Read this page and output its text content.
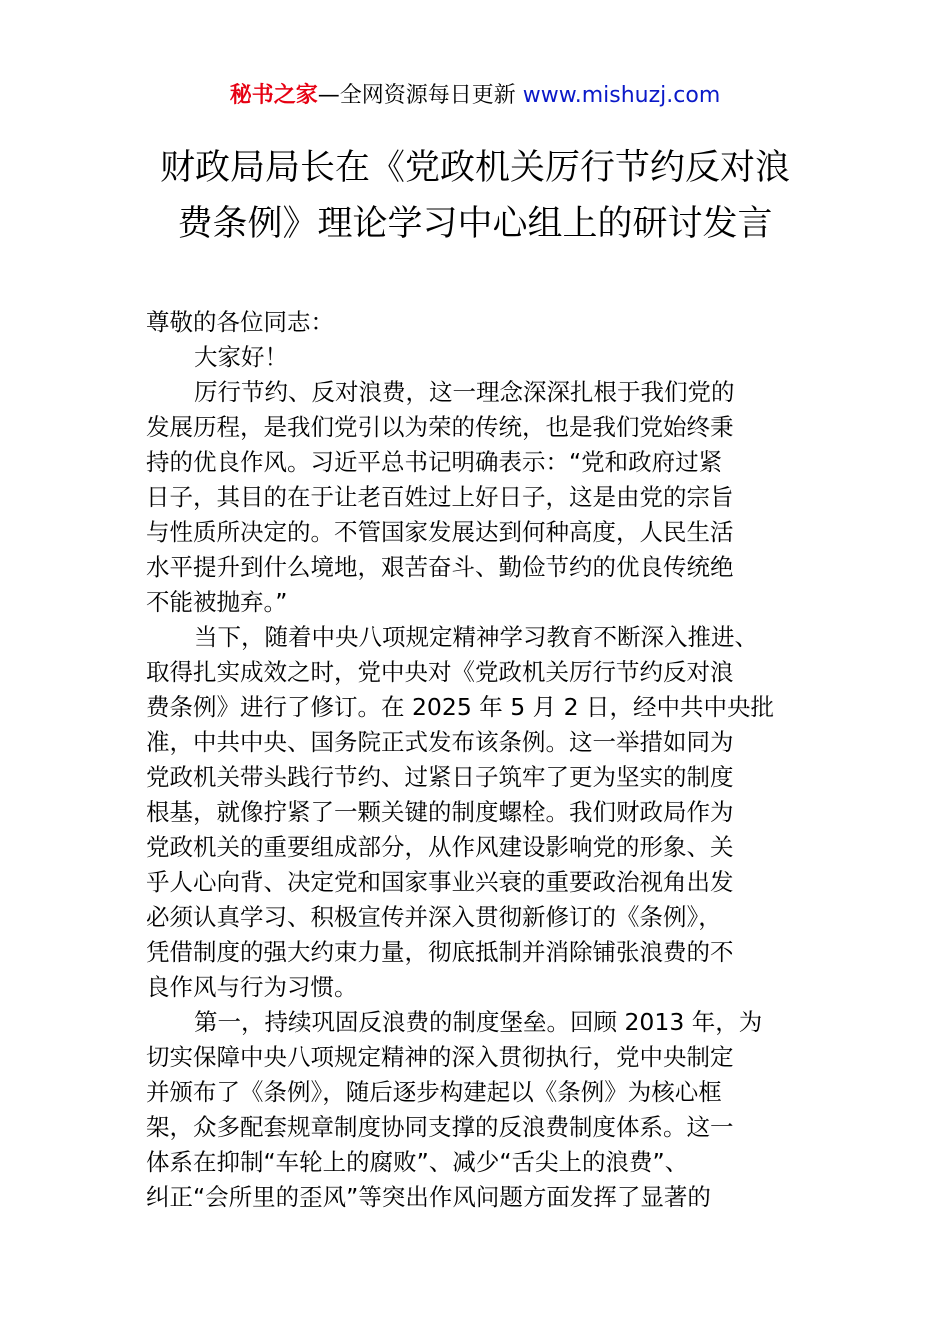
秘书之家—全网资源每日更新 www.mishuzj.com
财政局局长在《党政机关厉行节约反对浪
费条例》理论学习中心组上的研讨发言
尊敬的各位同志：
大家好！
厉行节约、反对浪费，这一理念深深扎根于我们党的
发展历程，是我们党引以为荣的传统，也是我们党始终秉
持的优良作风。习近平总书记明确表示：“党和政府过紧
日子，其目的在于让老百姓过上好日子，这是由党的宗旨
与性质所决定的。不管国家发展达到何种高度，人民生活
水平提升到什么境地，艰苦奋斗、勤俭节约的优良传统绝
不能被抛弃。”
当下，随着中央八项规定精神学习教育不断深入推进、
取得扎实成效之时，党中央对《党政机关厉行节约反对浪
费条例》进行了修订。在 2025 年 5 月 2 日，经中共中央批
准，中共中央、国务院正式发布该条例。这一举措如同为
党政机关带头践行节约、过紧日子筑牢了更为坚实的制度
根基，就像拧紧了一颗关键的制度螺栓。我们财政局作为
党政机关的重要组成部分，从作风建设影响党的形象、关
乎人心向背、决定党和国家事业兴衰的重要政治视角出发
必须认真学习、积极宣传并深入贯彻新修订的《条例》，
凭借制度的强大约束力量，彻底抵制并消除铺张浪费的不
良作风与行为习惯。
第一，持续巩固反浪费的制度堡垒。回顾 2013 年，为
切实保障中央八项规定精神的深入贯彻执行，党中央制定
并颁布了《条例》，随后逐步构建起以《条例》为核心框
架，众多配套规章制度协同支撑的反浪费制度体系。这一
体系在抑制“车轮上的腐败”、减少“舌尖上的浪费”、
纠正“会所里的歪风”等突出作风问题方面发挥了显著的
